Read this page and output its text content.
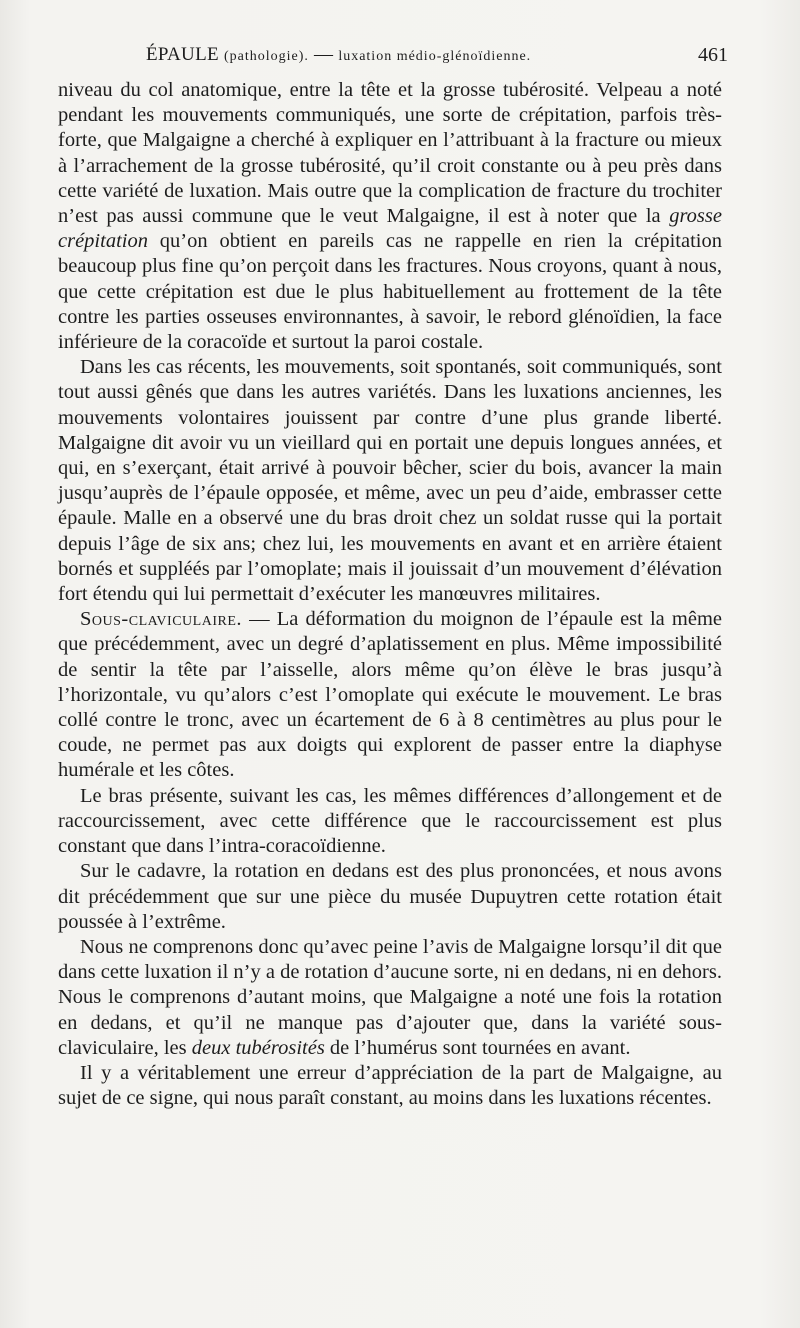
ÉPAULE (pathologie). — luxation médio-glénoïdienne.	461

niveau du col anatomique, entre la tête et la grosse tubérosité. Velpeau a noté pendant les mouvements communiqués, une sorte de crépitation, parfois très-forte, que Malgaigne a cherché à expliquer en l’attribuant à la fracture ou mieux à l’arrachement de la grosse tubérosité, qu’il croit constante ou à peu près dans cette variété de luxation. Mais outre que la complication de fracture du trochiter n’est pas aussi commune que le veut Malgaigne, il est à noter que la grosse crépitation qu’on obtient en pareils cas ne rappelle en rien la crépitation beaucoup plus fine qu’on perçoit dans les fractures. Nous croyons, quant à nous, que cette crépitation est due le plus habituellement au frottement de la tête contre les parties osseuses environnantes, à savoir, le rebord glénoïdien, la face inférieure de la coracoïde et surtout la paroi costale.

Dans les cas récents, les mouvements, soit spontanés, soit communiqués, sont tout aussi gênés que dans les autres variétés. Dans les luxations anciennes, les mouvements volontaires jouissent par contre d’une plus grande liberté. Malgaigne dit avoir vu un vieillard qui en portait une depuis longues années, et qui, en s’exerçant, était arrivé à pouvoir bêcher, scier du bois, avancer la main jusqu’auprès de l’épaule opposée, et même, avec un peu d’aide, embrasser cette épaule. Malle en a observé une du bras droit chez un soldat russe qui la portait depuis l’âge de six ans; chez lui, les mouvements en avant et en arrière étaient bornés et suppléés par l’omoplate; mais il jouissait d’un mouvement d’élévation fort étendu qui lui permettait d’exécuter les manœuvres militaires.

Sous-claviculaire. — La déformation du moignon de l’épaule est la même que précédemment, avec un degré d’aplatissement en plus. Même impossibilité de sentir la tête par l’aisselle, alors même qu’on élève le bras jusqu’à l’horizontale, vu qu’alors c’est l’omoplate qui exécute le mouvement. Le bras collé contre le tronc, avec un écartement de 6 à 8 centimètres au plus pour le coude, ne permet pas aux doigts qui explorent de passer entre la diaphyse humérale et les côtes.

Le bras présente, suivant les cas, les mêmes différences d’allongement et de raccourcissement, avec cette différence que le raccourcissement est plus constant que dans l’intra-coracoïdienne.

Sur le cadavre, la rotation en dedans est des plus prononcées, et nous avons dit précédemment que sur une pièce du musée Dupuytren cette rotation était poussée à l’extrême.

Nous ne comprenons donc qu’avec peine l’avis de Malgaigne lorsqu’il dit que dans cette luxation il n’y a de rotation d’aucune sorte, ni en dedans, ni en dehors. Nous le comprenons d’autant moins, que Malgaigne a noté une fois la rotation en dedans, et qu’il ne manque pas d’ajouter que, dans la variété sous-claviculaire, les deux tubérosités de l’humérus sont tournées en avant.

Il y a véritablement une erreur d’appréciation de la part de Malgaigne, au sujet de ce signe, qui nous paraît constant, au moins dans les luxations récentes.
